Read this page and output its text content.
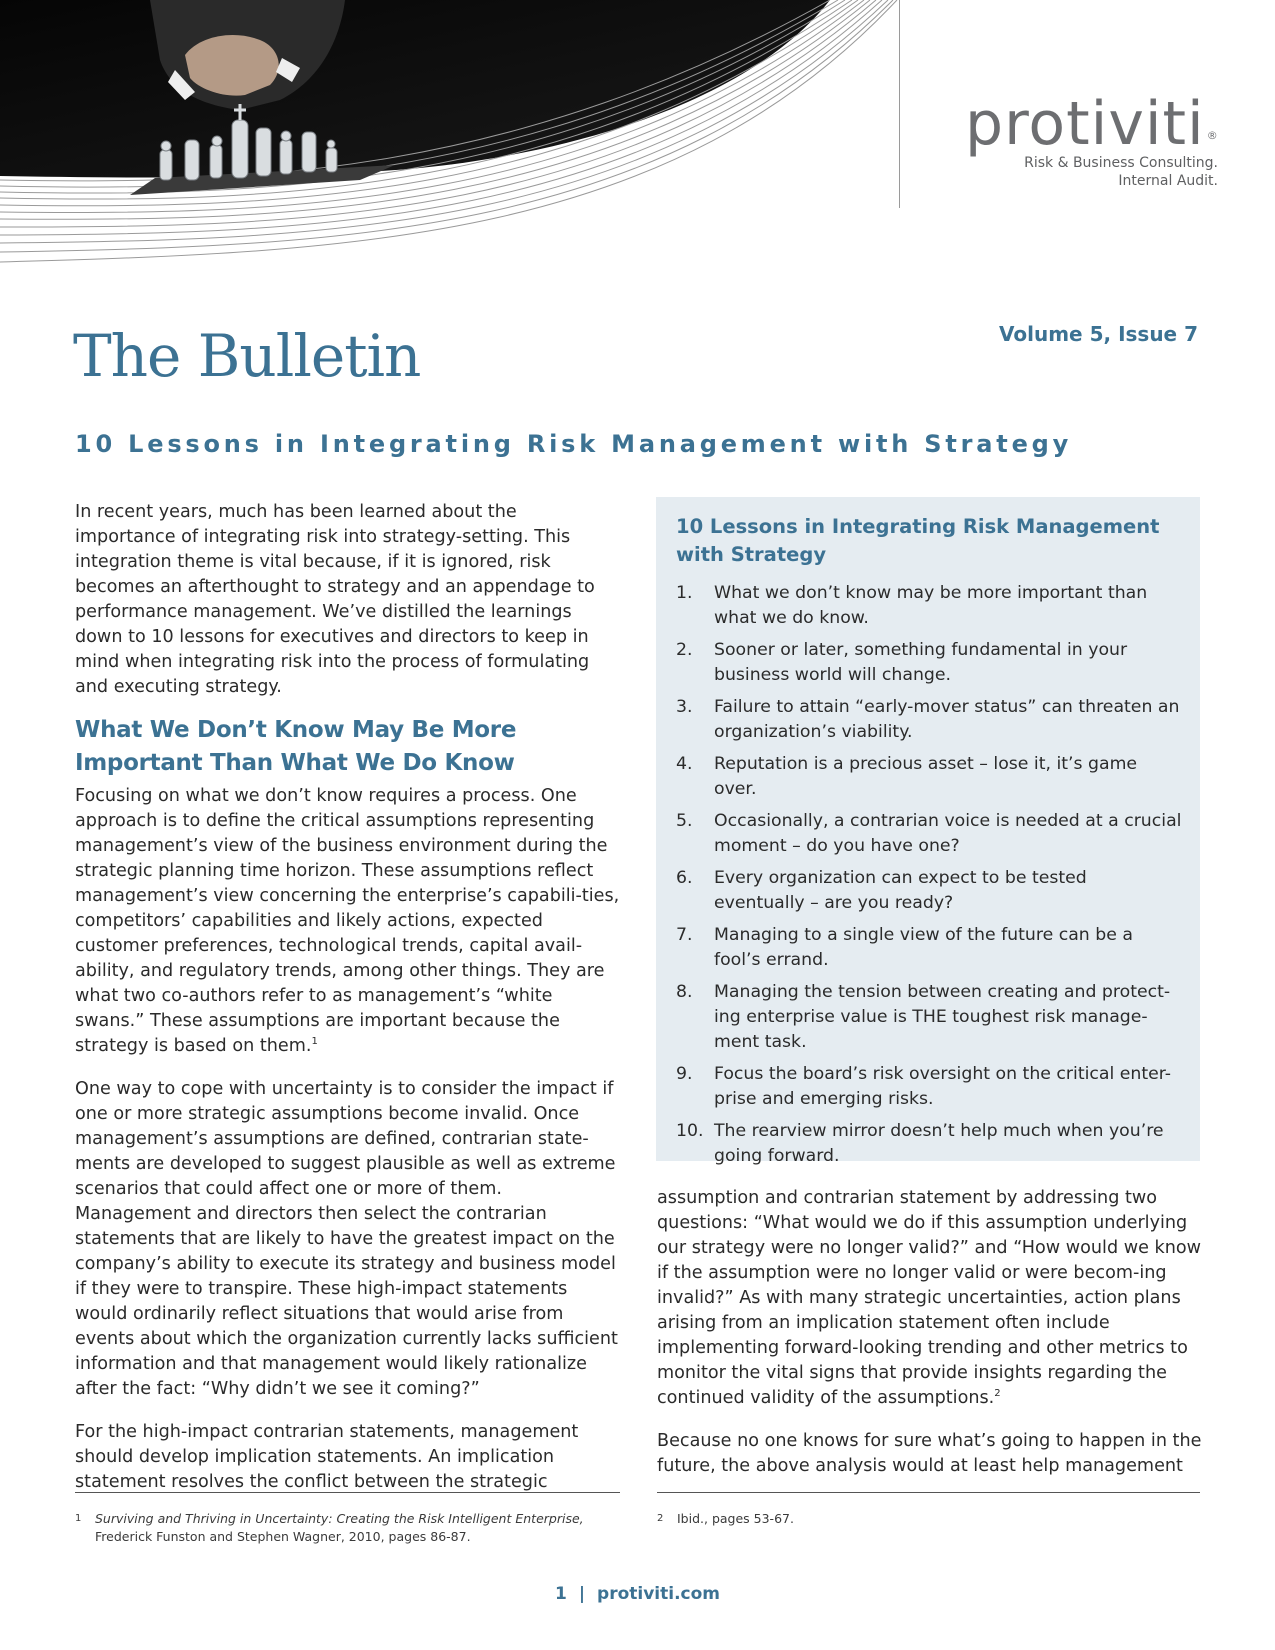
protiviti ®
Risk & Business Consulting.
Internal Audit.
Volume 5, Issue 7
The Bulletin
10 Lessons in Integrating Risk Management with Strategy

In recent years, much has been learned about the importance of integrating risk into strategy-setting. This integration theme is vital because, if it is ignored, risk becomes an afterthought to strategy and an appendage to performance management. We’ve distilled the learnings down to 10 lessons for executives and directors to keep in mind when integrating risk into the process of formulating and executing strategy.

What We Don’t Know May Be More Important Than What We Do Know

Focusing on what we don’t know requires a process. One approach is to define the critical assumptions representing management’s view of the business environment during the strategic planning time horizon. These assumptions reflect management’s view concerning the enterprise’s capabili-ties, competitors’ capabilities and likely actions, expected customer preferences, technological trends, capital avail-ability, and regulatory trends, among other things. They are what two co-authors refer to as management’s “white swans.” These assumptions are important because the strategy is based on them.$^1$

One way to cope with uncertainty is to consider the impact if one or more strategic assumptions become invalid. Once management’s assumptions are defined, contrarian state-ments are developed to suggest plausible as well as extreme scenarios that could affect one or more of them. Management and directors then select the contrarian statements that are likely to have the greatest impact on the company’s ability to execute its strategy and business model if they were to transpire. These high-impact statements would ordinarily reflect situations that would arise from events about which the organization currently lacks sufficient information and that management would likely rationalize after the fact: “Why didn’t we see it coming?”

For the high-impact contrarian statements, management should develop implication statements. An implication statement resolves the conflict between the strategic

10 Lessons in Integrating Risk Management with Strategy
1.	What we don’t know may be more important than what we do know.
2.	Sooner or later, something fundamental in your business world will change.
3.	Failure to attain “early-mover status” can threaten an organization’s viability.
4.	Reputation is a precious asset – lose it, it’s game over.
5.	Occasionally, a contrarian voice is needed at a crucial moment – do you have one?
6.	Every organization can expect to be tested eventually – are you ready?
7.	Managing to a single view of the future can be a fool’s errand.
8.	Managing the tension between creating and protect-ing enterprise value is THE toughest risk manage-ment task.
9.	Focus the board’s risk oversight on the critical enter-prise and emerging risks.
10. The rearview mirror doesn’t help much when you’re going forward.

assumption and contrarian statement by addressing two questions: “What would we do if this assumption underlying our strategy were no longer valid?” and “How would we know if the assumption were no longer valid or were becom-ing invalid?” As with many strategic uncertainties, action plans arising from an implication statement often include implementing forward-looking trending and other metrics to monitor the vital signs that provide insights regarding the continued validity of the assumptions.$^2$

Because no one knows for sure what’s going to happen in the future, the above analysis would at least help management

1 Surviving and Thriving in Uncertainty: Creating the Risk Intelligent Enterprise,
Frederick Funston and Stephen Wagner, 2010, pages 86-87.
2 Ibid., pages 53-67.
1 | protiviti.com
